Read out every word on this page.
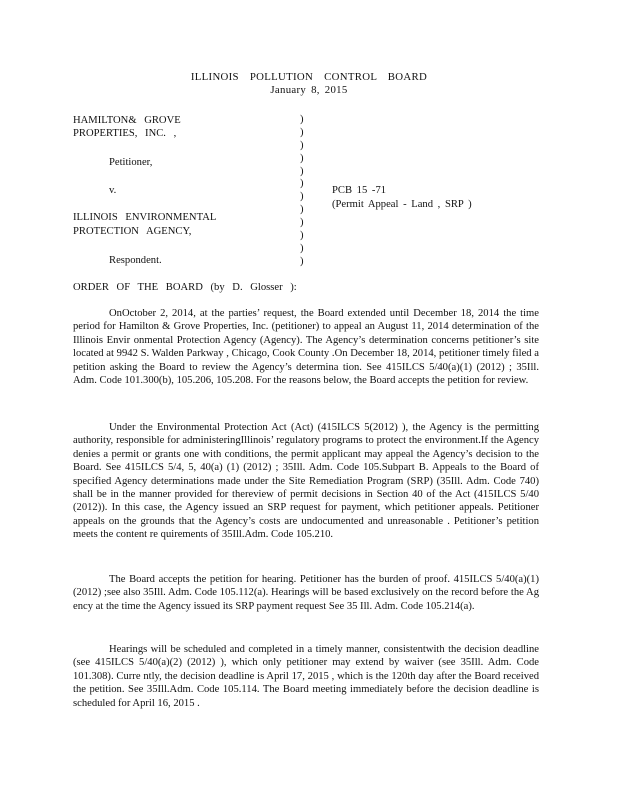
ILLINOIS POLLUTION CONTROL BOARD
January 8, 2015
HAMILTON& GROVE
PROPERTIES, INC. ,
Petitioner,
v.
ILLINOIS ENVIRONMENTAL
PROTECTION AGENCY,
Respondent.
)
)
)
)
)
)
)
)
)
)
)
)
PCB 15 -71
(Permit Appeal - Land , SRP )
ORDER OF THE BOARD (by D. Glosser ):

OnOctober 2, 2014, at the parties’ request, the Board extended until December 18, 2014 the time period for Hamilton & Grove Properties, Inc. (petitioner) to appeal an August 11, 2014 determination of the Illinois Envir onmental Protection Agency (Agency). The Agency’s determination concerns petitioner’s site located at 9942 S. Walden Parkway , Chicago, Cook County .On December 18, 2014, petitioner timely filed a petition asking the Board to review the Agency’s determina tion. See 415ILCS 5/40(a)(1) (2012) ; 35Ill. Adm. Code 101.300(b), 105.206, 105.208. For the reasons below, the Board accepts the petition for review.

Under the Environmental Protection Act (Act) (415ILCS 5(2012) ), the Agency is the permitting authority, responsible for administeringIllinois’ regulatory programs to protect the environment.If the Agency denies a permit or grants one with conditions, the permit applicant may appeal the Agency’s decision to the Board. See 415ILCS 5/4, 5, 40(a) (1) (2012) ; 35Ill. Adm. Code 105.Subpart B. Appeals to the Board of specified Agency determinations made under the Site Remediation Program (SRP) (35Ill. Adm. Code 740) shall be in the manner provided for thereview of permit decisions in Section 40 of the Act (415ILCS 5/40 (2012)). In this case, the Agency issued an SRP request for payment, which petitioner appeals. Petitioner appeals on the grounds that the Agency’s costs are undocumented and unreasonable . Petitioner’s petition meets the content re quirements of 35Ill.Adm. Code 105.210.

The Board accepts the petition for hearing. Petitioner has the burden of proof. 415ILCS 5/40(a)(1) (2012) ;see also 35Ill. Adm. Code 105.112(a). Hearings will be based exclusively on the record before the Ag ency at the time the Agency issued its SRP payment request See 35 Ill. Adm. Code 105.214(a).

Hearings will be scheduled and completed in a timely manner, consistentwith the decision deadline (see 415ILCS 5/40(a)(2) (2012) ), which only petitioner may extend by waiver (see 35Ill. Adm. Code 101.308). Curre ntly, the decision deadline is April 17, 2015 , which is the 120th day after the Board received the petition. See 35Ill.Adm. Code 105.114. The Board meeting immediately before the decision deadline is scheduled for April 16, 2015 .
